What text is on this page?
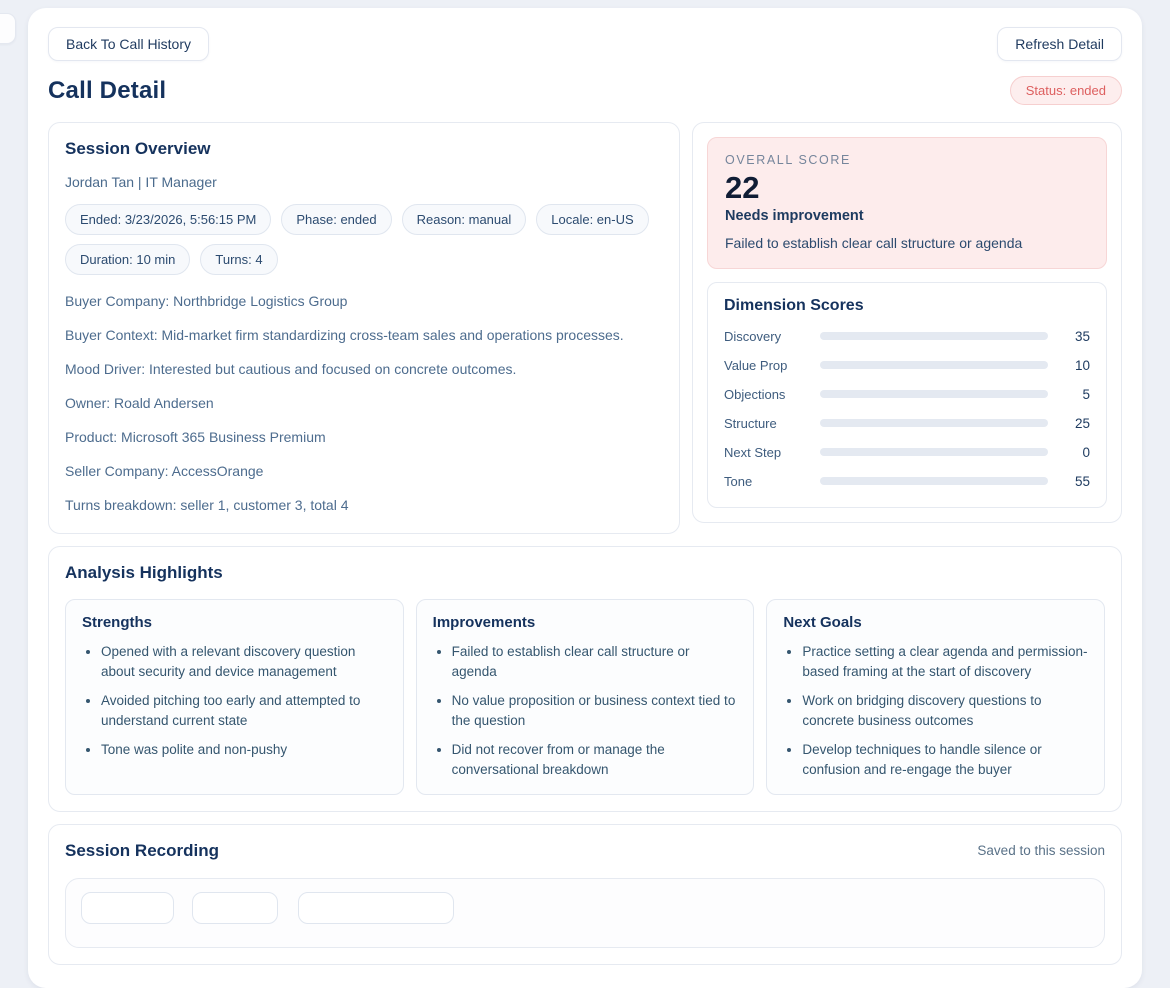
Back To Call History	Refresh Detail
Call Detail	Status: ended
Session Overview
Jordan Tan | IT Manager
Ended: 3/23/2026, 5:56:15 PM	Phase: ended	Reason: manual	Locale: en-US
Duration: 10 min	Turns: 4

Buyer Company: Northbridge Logistics Group

Buyer Context: Mid-market firm standardizing cross-team sales and operations processes.

Mood Driver: Interested but cautious and focused on concrete outcomes.

Owner: Roald Andersen

Product: Microsoft 365 Business Premium

Seller Company: AccessOrange

Turns breakdown: seller 1, customer 3, total 4

OVERALL SCORE
22
Needs improvement
Failed to establish clear call structure or agenda
Dimension Scores
Discovery	35
Value Prop	10
Objections	5
Structure	25
Next Step	0
Tone	55
Analysis Highlights
Strengths
• Opened with a relevant discovery question about security and device management
• Avoided pitching too early and attempted to understand current state
• Tone was polite and non-pushy
Improvements
• Failed to establish clear call structure or agenda
• No value proposition or business context tied to the question
• Did not recover from or manage the conversational breakdown
Next Goals
• Practice setting a clear agenda and permission-based framing at the start of discovery
• Work on bridging discovery questions to concrete business outcomes
• Develop techniques to handle silence or confusion and re-engage the buyer
Session Recording	Saved to this session
